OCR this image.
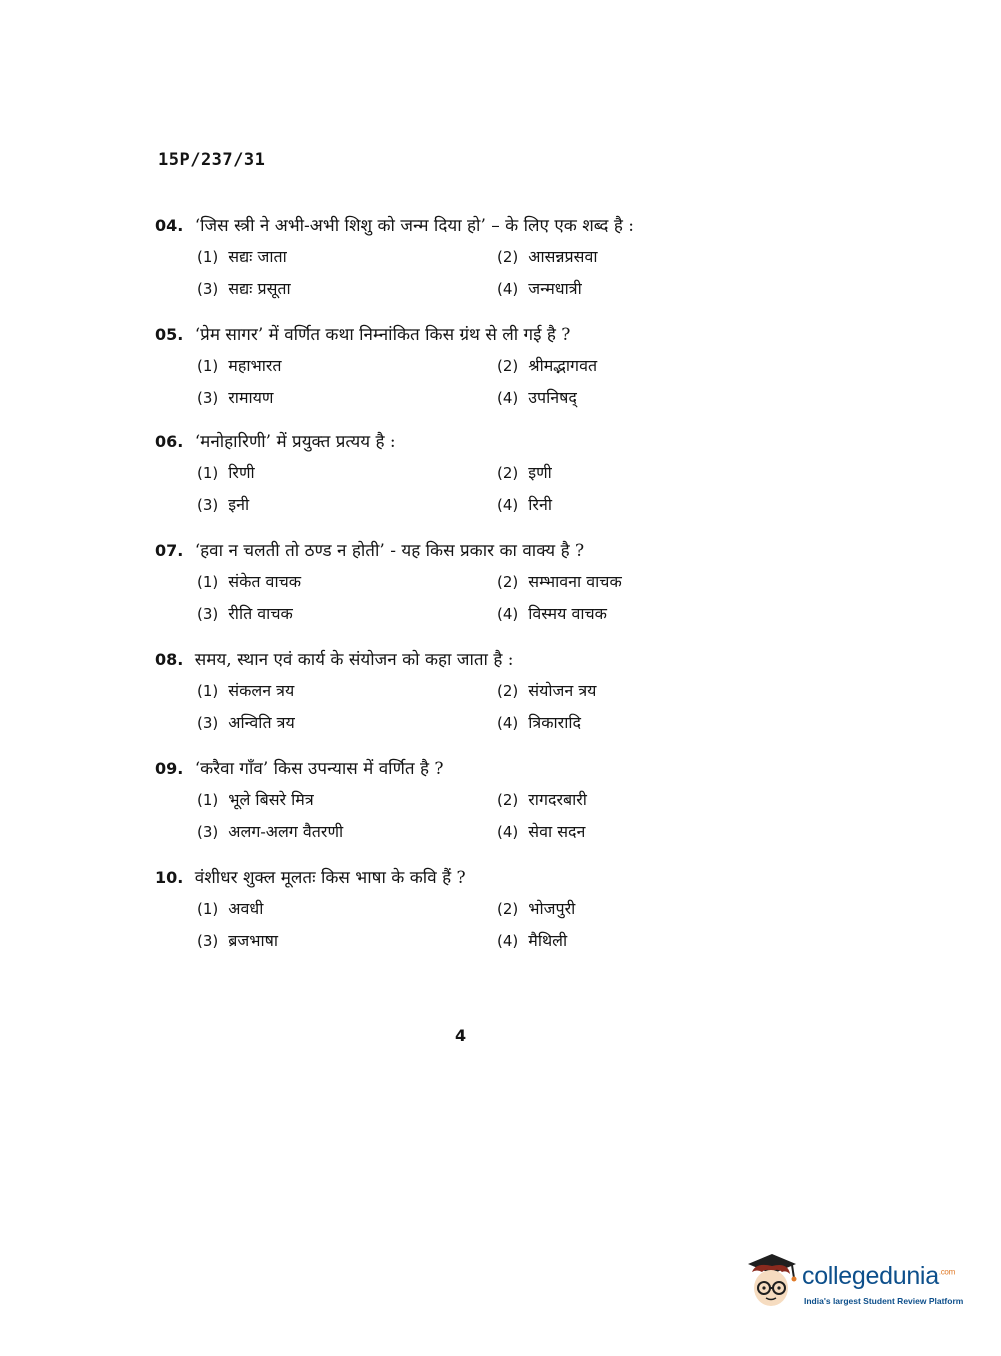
15P/237/31
04. ‘जिस स्त्री ने अभी-अभी शिशु को जन्म दिया हो’ – के लिए एक शब्द है :
(1) सद्यः जाता	(2) आसन्नप्रसवा
(3) सद्यः प्रसूता	(4) जन्मधात्री
05. ‘प्रेम सागर’ में वर्णित कथा निम्नांकित किस ग्रंथ से ली गई है ?
(1) महाभारत	(2) श्रीमद्भागवत
(3) रामायण	(4) उपनिषद्
06. ‘मनोहारिणी’ में प्रयुक्त प्रत्यय है :
(1) रिणी	(2) इणी
(3) इनी	(4) रिनी
07. ‘हवा न चलती तो ठण्ड न होती’ - यह किस प्रकार का वाक्य है ?
(1) संकेत वाचक	(2) सम्भावना वाचक
(3) रीति वाचक	(4) विस्मय वाचक
08. समय, स्थान एवं कार्य के संयोजन को कहा जाता है :
(1) संकलन त्रय	(2) संयोजन त्रय
(3) अन्विति त्रय	(4) त्रिकारादि
09. ‘करैवा गाँव’ किस उपन्यास में वर्णित है ?
(1) भूले बिसरे मित्र	(2) रागदरबारी
(3) अलग-अलग वैतरणी	(4) सेवा सदन
10. वंशीधर शुक्ल मूलतः किस भाषा के कवि हैं ?
(1) अवधी	(2) भोजपुरी
(3) ब्रजभाषा	(4) मैथिली
4
collegedunia$^{.com}$
India's largest Student Review Platform
